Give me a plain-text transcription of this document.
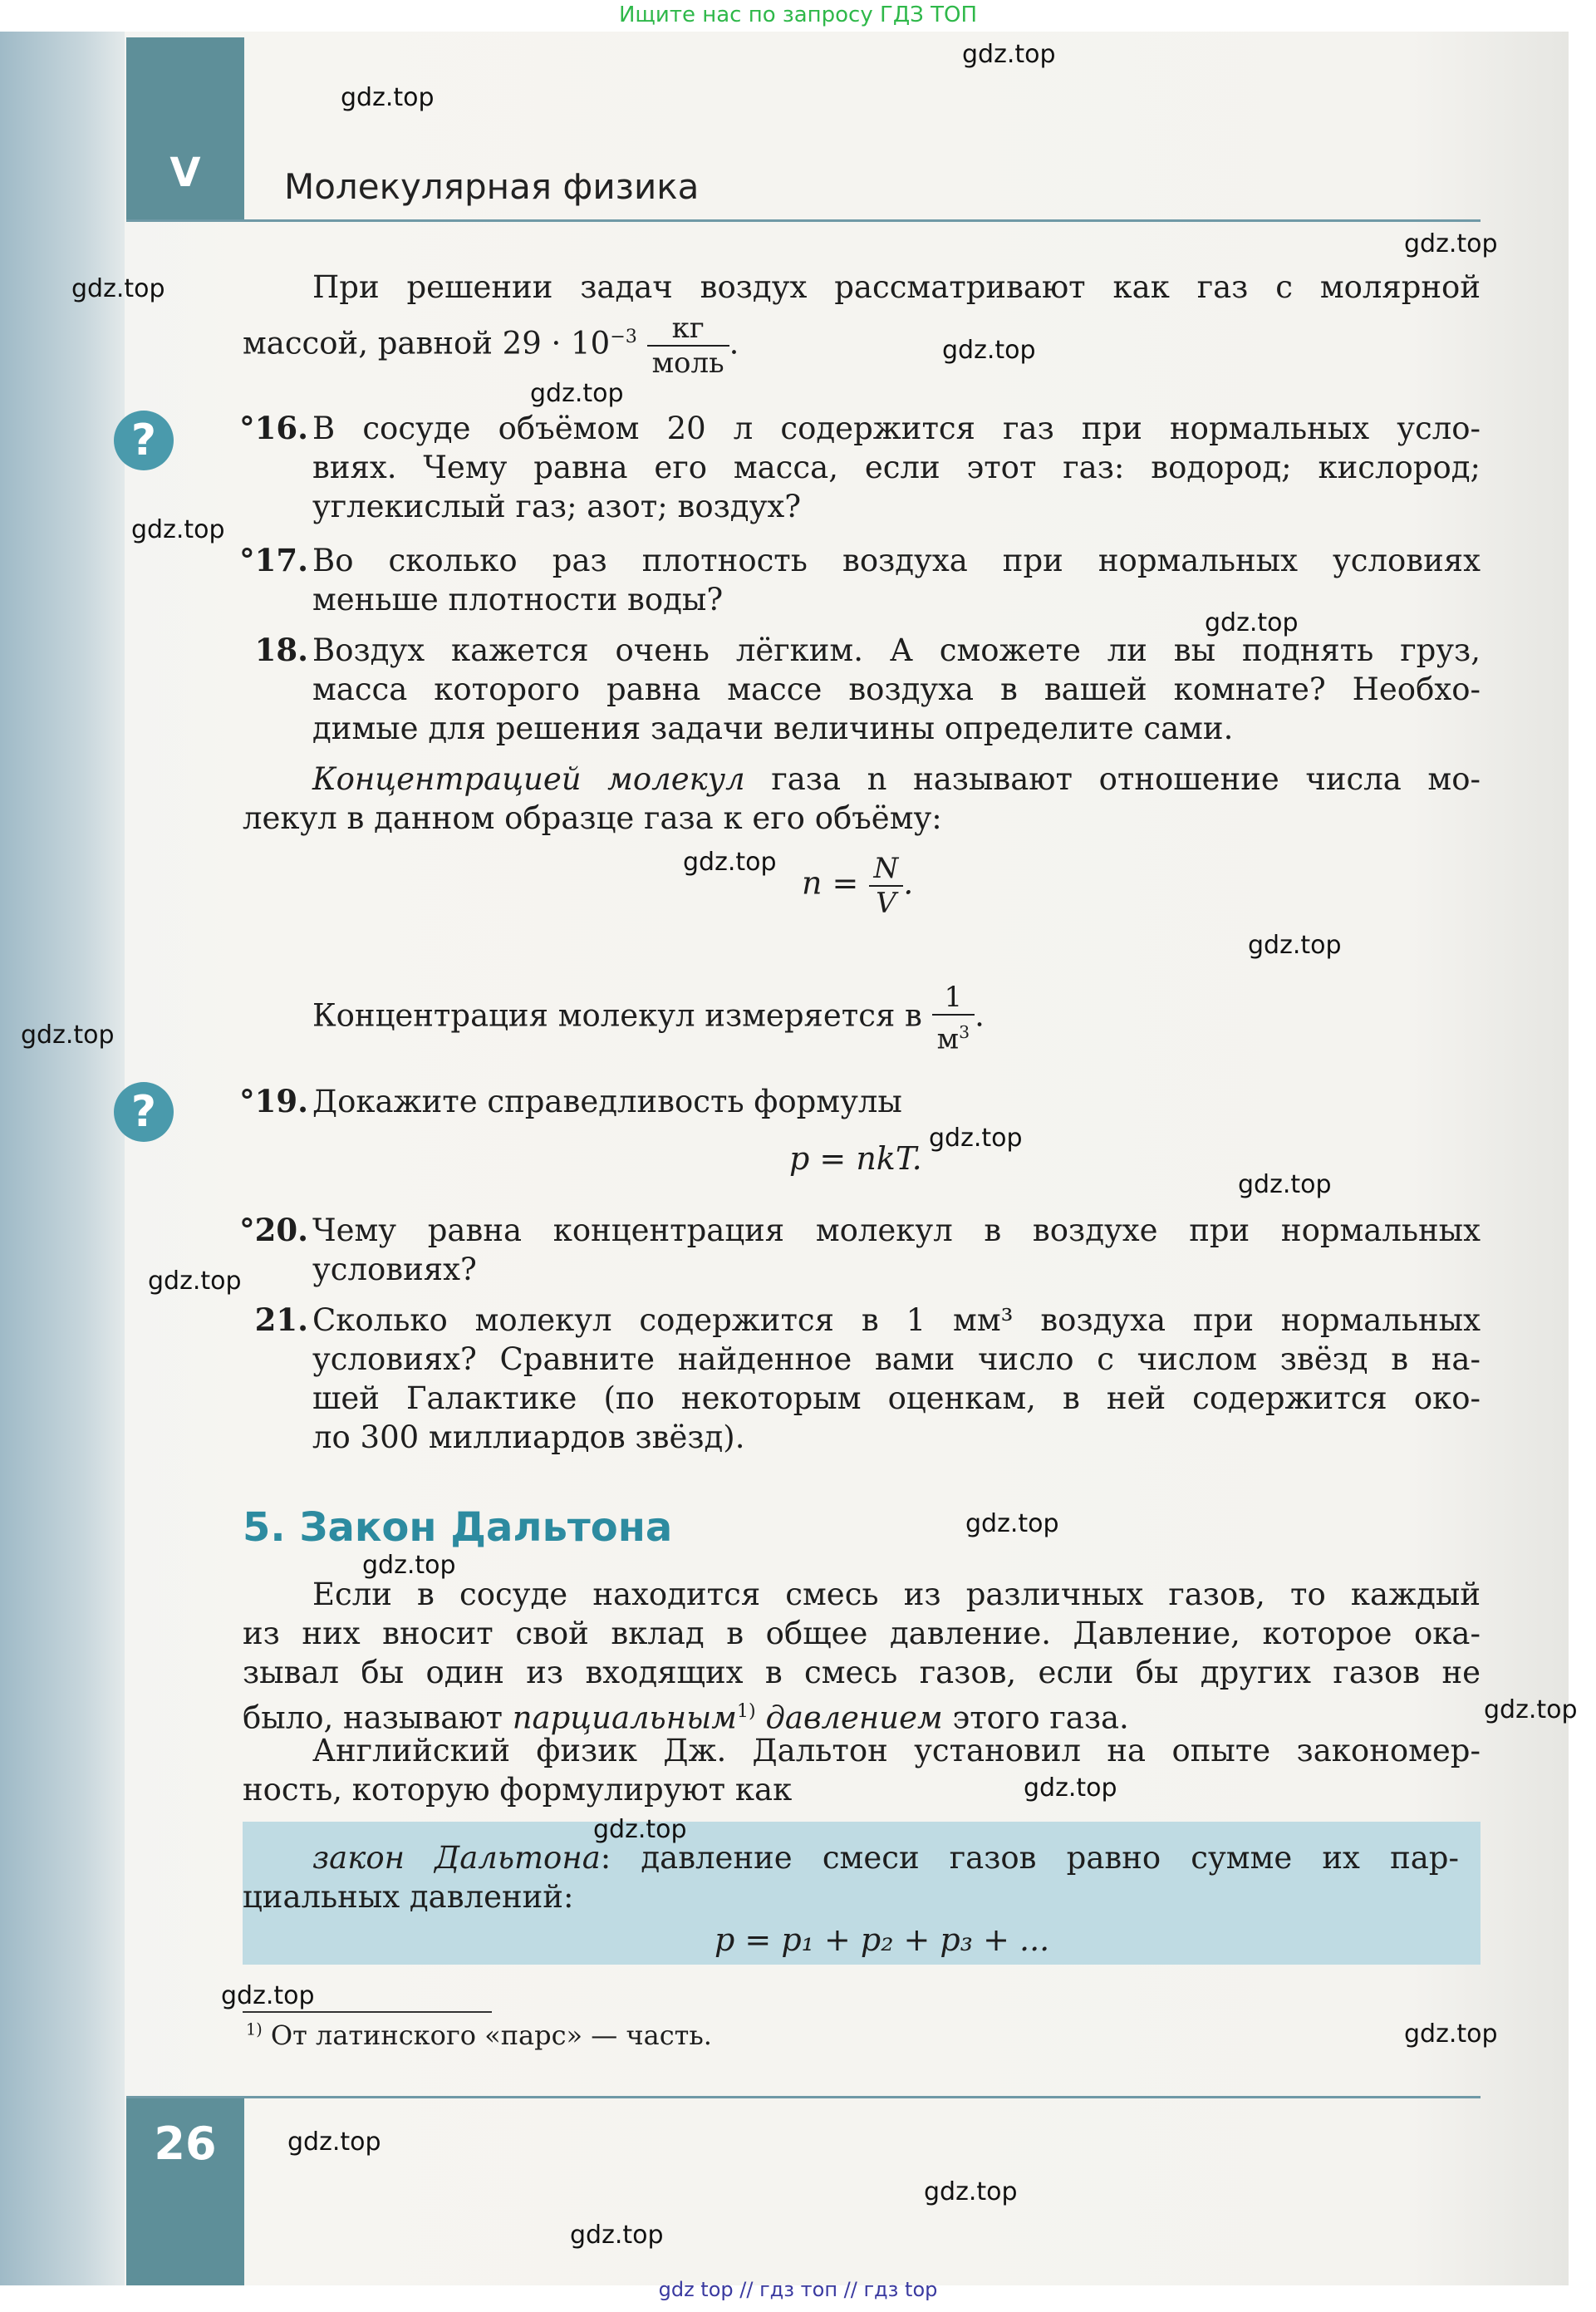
Ищите нас по запросу ГДЗ ТОП
V	Молекулярная физика
При решении задач воздух рассматривают как газ с молярной
массой, равной $29 \cdot 10^{-3} \frac{кг}{\text{моль}}$ .
?
?
°16. В сосуде объёмом 20 л содержится газ при нормальных усло-
виях. Чему равна его масса, если этот газ: водород; кислород;
углекислый газ; азот; воздух?
°17. Во сколько раз плотность воздуха при нормальных условиях
меньше плотности воды?
18. Воздух кажется очень лёгким. А сможете ли вы поднять груз,
масса которого равна массе воздуха в вашей комнате? Необхо-
димые для решения задачи величины определите сами.
Концентрацией молекул газа n называют отношение числа мо-
лекул в данном образце газа к его объёму:
$n = \frac{N}{V}$ .
Концентрация молекул измеряется в $\frac{1}{м^3}$ .
°19. Докажите справедливость формулы
p = nkT.
°20. Чему равна концентрация молекул в воздухе при нормальных
условиях?
21. Сколько молекул содержится в 1 мм³ воздуха при нормальных
условиях? Сравните найденное вами число с числом звёзд в на-
шей Галактике (по некоторым оценкам, в ней содержится око-
ло 300 миллиардов звёзд).
5. Закон Дальтона
Если в сосуде находится смесь из различных газов, то каждый
из них вносит свой вклад в общее давление. Давление, которое ока-
зывал бы один из входящих в смесь газов, если бы других газов не
было, называют парциальным$^{1)}$ давлением этого газа.
Английский физик Дж. Дальтон установил на опыте закономер-
ность, которую формулируют как
закон Дальтона: давление смеси газов равно сумме их пар-
циальных давлений:
p = p₁ + p₂ + p₃ + ...
$^{1)}$ От латинского «парс» — часть.
26
gdz.top
gdz.top
gdz.top
gdz.top
gdz.top
gdz.top
gdz.top
gdz.top
gdz.top
gdz.top
gdz.top
gdz.top
gdz.top
gdz.top
gdz.top
gdz.top
gdz.top
gdz.top
gdz.top
gdz.top
gdz.top
gdz.top
gdz.top
gdz.top
gdz top // гдз топ // гдз top
